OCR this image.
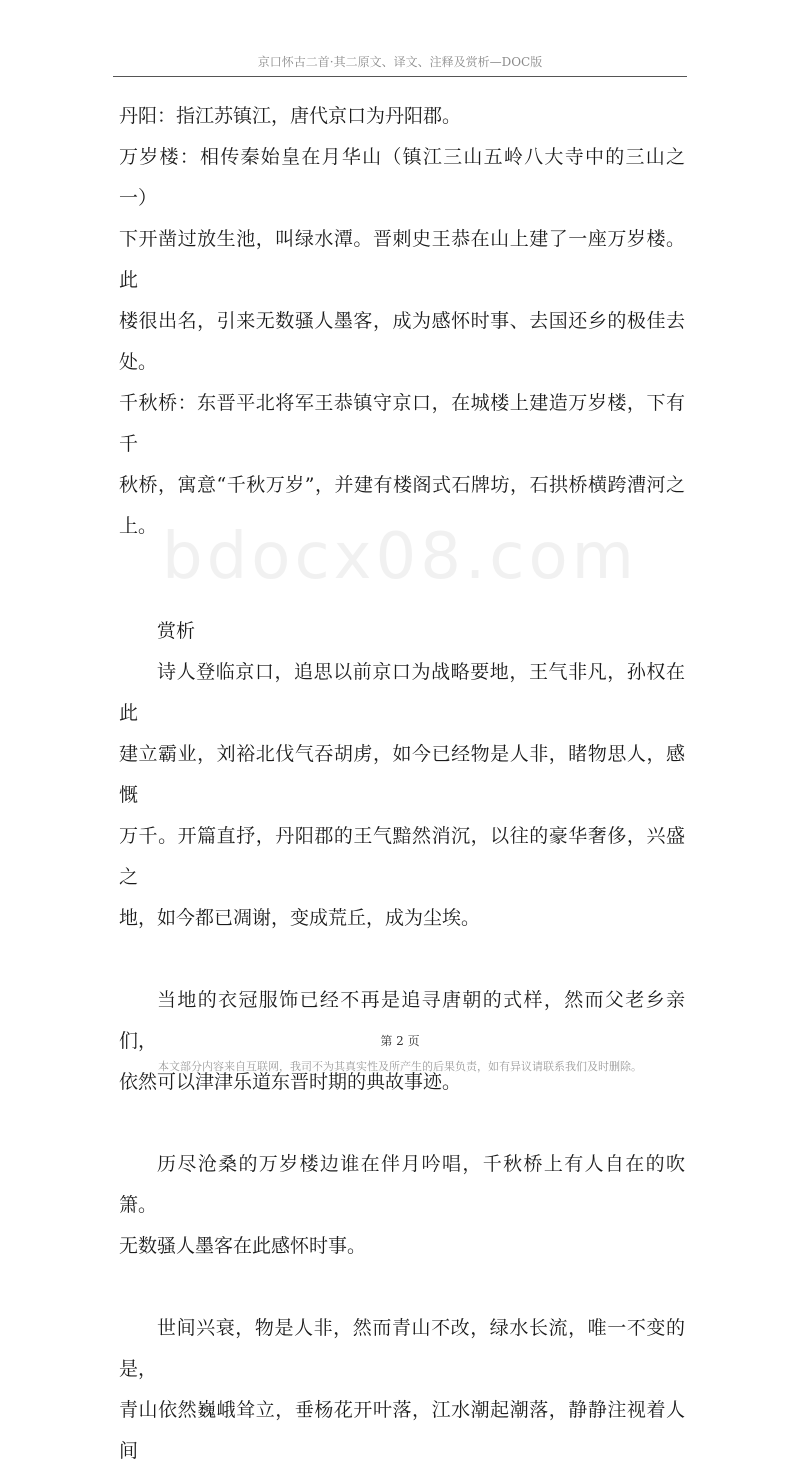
京口怀古二首·其二原文、译文、注释及赏析—DOC版
bdocx08.com

丹阳：指江苏镇江，唐代京口为丹阳郡。

万岁楼：相传秦始皇在月华山（镇江三山五岭八大寺中的三山之一）
下开凿过放生池，叫绿水潭。晋刺史王恭在山上建了一座万岁楼。此
楼很出名，引来无数骚人墨客，成为感怀时事、去国还乡的极佳去处。

千秋桥：东晋平北将军王恭镇守京口，在城楼上建造万岁楼，下有千
秋桥，寓意“千秋万岁”，并建有楼阁式石牌坊，石拱桥横跨漕河之上。

赏析

诗人登临京口，追思以前京口为战略要地，王气非凡，孙权在此
建立霸业，刘裕北伐气吞胡虏，如今已经物是人非，睹物思人，感慨
万千。开篇直抒，丹阳郡的王气黯然消沉，以往的豪华奢侈，兴盛之
地，如今都已凋谢，变成荒丘，成为尘埃。

当地的衣冠服饰已经不再是追寻唐朝的式样，然而父老乡亲们，
依然可以津津乐道东晋时期的典故事迹。

历尽沧桑的万岁楼边谁在伴月吟唱，千秋桥上有人自在的吹箫。
无数骚人墨客在此感怀时事。

世间兴衰，物是人非，然而青山不改，绿水长流，唯一不变的是，
青山依然巍峨耸立，垂杨花开叶落，江水潮起潮落，静静注视着人间

第 2 页
本文部分内容来自互联网，我司不为其真实性及所产生的后果负责，如有异议请联系我们及时删除。
